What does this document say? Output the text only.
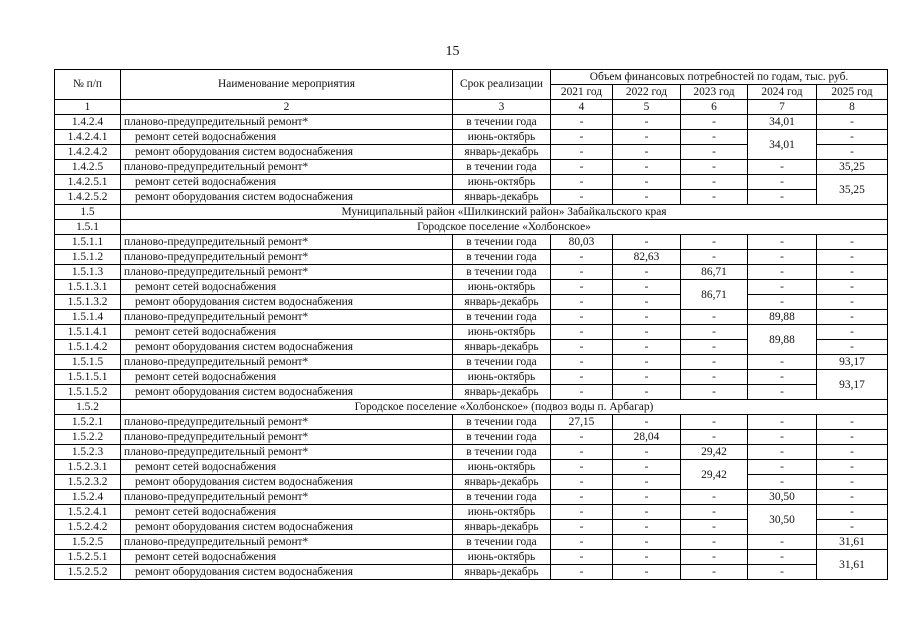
15
№ п/п	Наименование мероприятия	Срок реализации	Объем финансовых потребностей по годам, тыс. руб.				
			2021 год	2022 год	2023 год	2024 год	2025 год
1	2	3	4	5	6	7	8
1.4.2.4	планово-предупредительный ремонт*	в течении года	-	-	-	34,01	-
1.4.2.4.1	ремонт сетей водоснабжения	июнь-октябрь	-	-	-	34,01	-
1.4.2.4.2	ремонт оборудования систем водоснабжения	январь-декабрь	-	-	-		-
1.4.2.5	планово-предупредительный ремонт*	в течении года	-	-	-	-	35,25
1.4.2.5.1	ремонт сетей водоснабжения	июнь-октябрь	-	-	-	-	35,25
1.4.2.5.2	ремонт оборудования систем водоснабжения	январь-декабрь	-	-	-	-	
1.5	Муниципальный район «Шилкинский район» Забайкальского края						
1.5.1	Городское поселение «Холбонское»						
1.5.1.1	планово-предупредительный ремонт*	в течении года	80,03	-	-	-	-
1.5.1.2	планово-предупредительный ремонт*	в течении года	-	82,63	-	-	-
1.5.1.3	планово-предупредительный ремонт*	в течении года	-	-	86,71	-	-
1.5.1.3.1	ремонт сетей водоснабжения	июнь-октябрь	-	-	86,71	-	-
1.5.1.3.2	ремонт оборудования систем водоснабжения	январь-декабрь	-	-		-	-
1.5.1.4	планово-предупредительный ремонт*	в течении года	-	-	-	89,88	-
1.5.1.4.1	ремонт сетей водоснабжения	июнь-октябрь	-	-	-	89,88	-
1.5.1.4.2	ремонт оборудования систем водоснабжения	январь-декабрь	-	-	-		-
1.5.1.5	планово-предупредительный ремонт*	в течении года	-	-	-	-	93,17
1.5.1.5.1	ремонт сетей водоснабжения	июнь-октябрь	-	-	-	-	93,17
1.5.1.5.2	ремонт оборудования систем водоснабжения	январь-декабрь	-	-	-	-	
1.5.2	Городское поселение «Холбонское» (подвоз воды п. Арбагар)						
1.5.2.1	планово-предупредительный ремонт*	в течении года	27,15	-	-	-	-
1.5.2.2	планово-предупредительный ремонт*	в течении года	-	28,04	-	-	-
1.5.2.3	планово-предупредительный ремонт*	в течении года	-	-	29,42	-	-
1.5.2.3.1	ремонт сетей водоснабжения	июнь-октябрь	-	-	29,42	-	-
1.5.2.3.2	ремонт оборудования систем водоснабжения	январь-декабрь	-	-		-	-
1.5.2.4	планово-предупредительный ремонт*	в течении года	-	-	-	30,50	-
1.5.2.4.1	ремонт сетей водоснабжения	июнь-октябрь	-	-	-	30,50	-
1.5.2.4.2	ремонт оборудования систем водоснабжения	январь-декабрь	-	-	-		-
1.5.2.5	планово-предупредительный ремонт*	в течении года	-	-	-	-	31,61
1.5.2.5.1	ремонт сетей водоснабжения	июнь-октябрь	-	-	-	-	31,61
1.5.2.5.2	ремонт оборудования систем водоснабжения	январь-декабрь	-	-	-	-	
